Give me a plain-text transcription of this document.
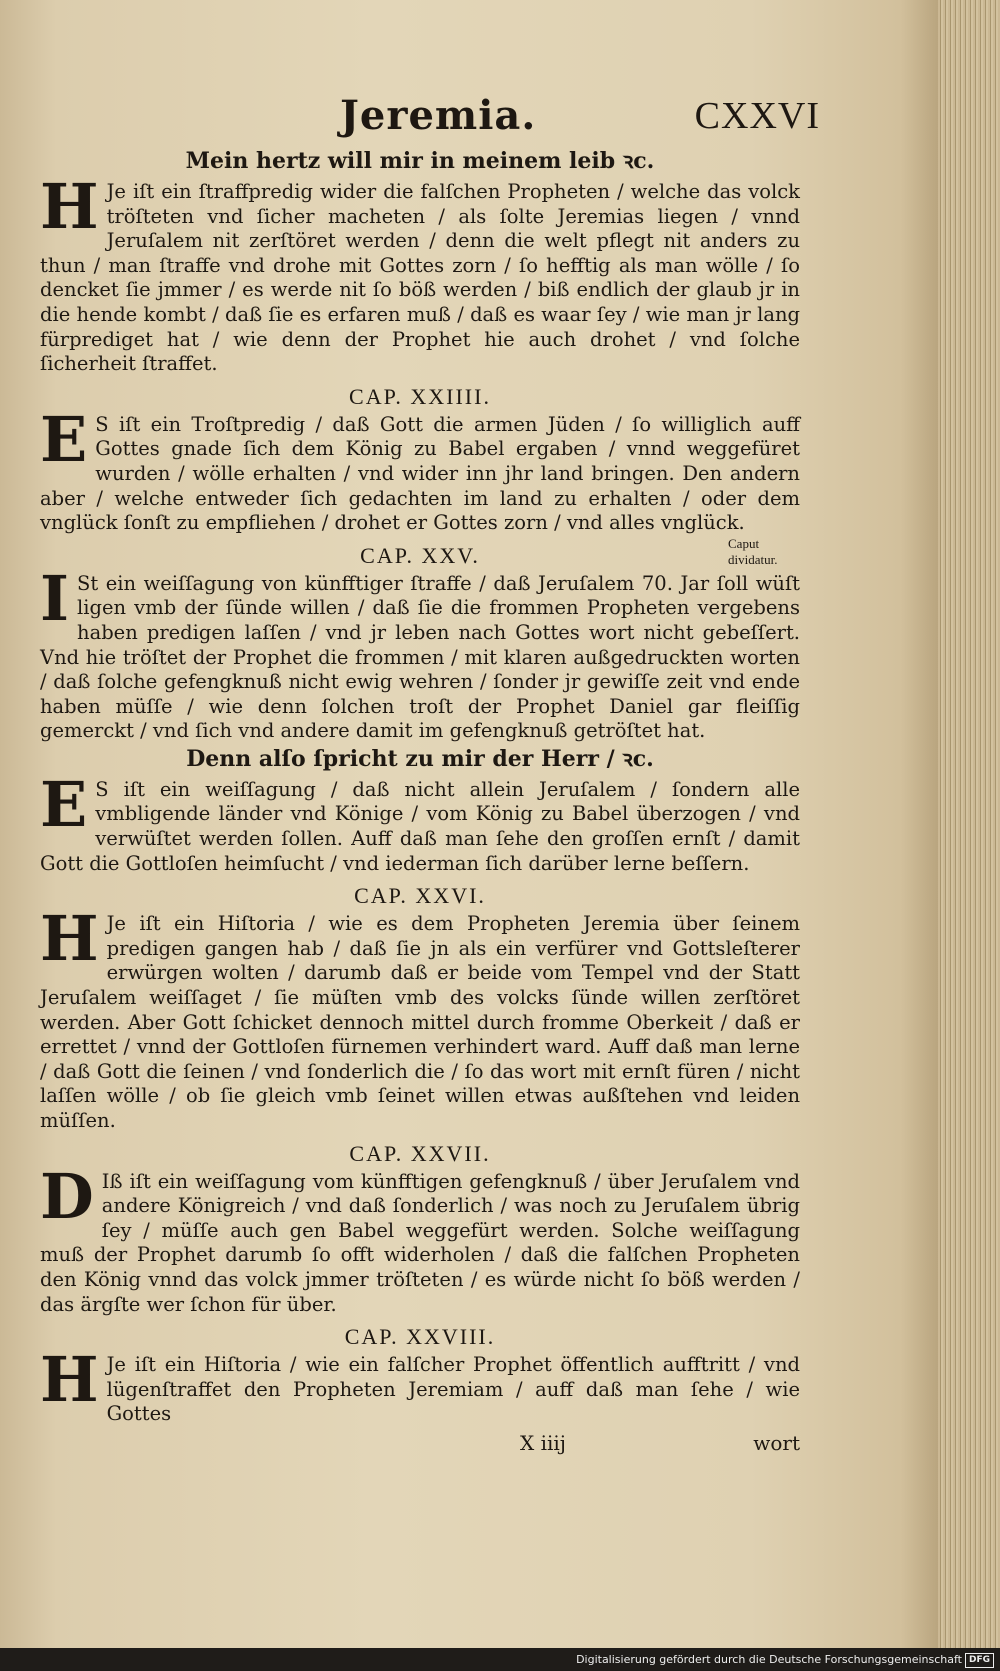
Jeremia.	CXXVI
Mein hertz will mir in meinem leib ꝛc.

H Je iſt ein ſtraffpredig wider die falſchen Propheten / welche das volck tröſteten vnd ſicher macheten / als ſolte Jeremias liegen / vnnd Jeruſalem nit zerſtöret werden / denn die welt pflegt nit anders zu thun / man ſtraffe vnd drohe mit Gottes zorn / ſo hefftig als man wölle / ſo dencket ſie jmmer / es werde nit ſo böß werden / biß endlich der glaub jr in die hende kombt / daß ſie es erfaren muß / daß es waar ſey / wie man jr lang fürprediget hat / wie denn der Prophet hie auch drohet / vnd ſolche ſicherheit ſtraffet.

CAP. XXIIII.

E S iſt ein Troſtpredig / daß Gott die armen Jüden / ſo williglich auff Gottes gnade ſich dem König zu Babel ergaben / vnnd weggefüret wurden / wölle erhalten / vnd wider inn jhr land bringen. Den andern aber / welche entweder ſich gedachten im land zu erhalten / oder dem vnglück ſonſt zu empfliehen / drohet er Gottes zorn / vnd alles vnglück.

CAP. XXV.

I St ein weiſſagung von künfftiger ſtraffe / daß Jeruſalem 70. Jar ſoll wüſt ligen vmb der ſünde willen / daß ſie die frommen Propheten vergebens haben predigen laſſen / vnd jr leben nach Gottes wort nicht gebeſſert. Vnd hie tröſtet der Prophet die frommen / mit klaren außgedruckten worten / daß ſolche gefengknuß nicht ewig wehren / ſonder jr gewiſſe zeit vnd ende haben müſſe / wie denn ſolchen troſt der Prophet Daniel gar fleiſſig gemerckt / vnd ſich vnd andere damit im gefengknuß getröſtet hat.

Denn alſo ſpricht zu mir der Herr / ꝛc.

E S iſt ein weiſſagung / daß nicht allein Jeruſalem / ſondern alle vmbligende länder vnd Könige / vom König zu Babel überzogen / vnd verwüſtet werden ſollen. Auff daß man ſehe den groſſen ernſt / damit Gott die Gottloſen heimſucht / vnd iederman ſich darüber lerne beſſern.

CAP. XXVI.

H Je iſt ein Hiſtoria / wie es dem Propheten Jeremia über ſeinem predigen gangen hab / daß ſie jn als ein verfürer vnd Gottslеſterer erwürgen wolten / darumb daß er beide vom Tempel vnd der Statt Jeruſalem weiſſaget / ſie müſten vmb des volcks ſünde willen zerſtöret werden. Aber Gott ſchicket dennoch mittel durch fromme Oberkeit / daß er errettet / vnnd der Gottloſen fürnemen verhindert ward. Auff daß man lerne / daß Gott die ſeinen / vnd ſonderlich die / ſo das wort mit ernſt füren / nicht laſſen wölle / ob ſie gleich vmb ſeinet willen etwas außſtehen vnd leiden müſſen.

CAP. XXVII.

D Iß iſt ein weiſſagung vom künfftigen gefengknuß / über Jeruſalem vnd andere Königreich / vnd daß ſonderlich / was noch zu Jeruſalem übrig ſey / müſſe auch gen Babel weggefürt werden. Solche weiſſagung muß der Prophet darumb ſo offt widerholen / daß die falſchen Propheten den König vnnd das volck jmmer tröſteten / es würde nicht ſo böß werden / das ärgſte wer ſchon für über.

CAP. XXVIII.

H Je iſt ein Hiſtoria / wie ein falſcher Prophet öffentlich aufftritt / vnd lügenſtraffet den Propheten Jeremiam / auff daß man ſehe / wie Gottes

X iiij	wort
Caput dividatur.
Digitalisierung gefördert durch die Deutsche Forschungsgemeinschaft DFG
